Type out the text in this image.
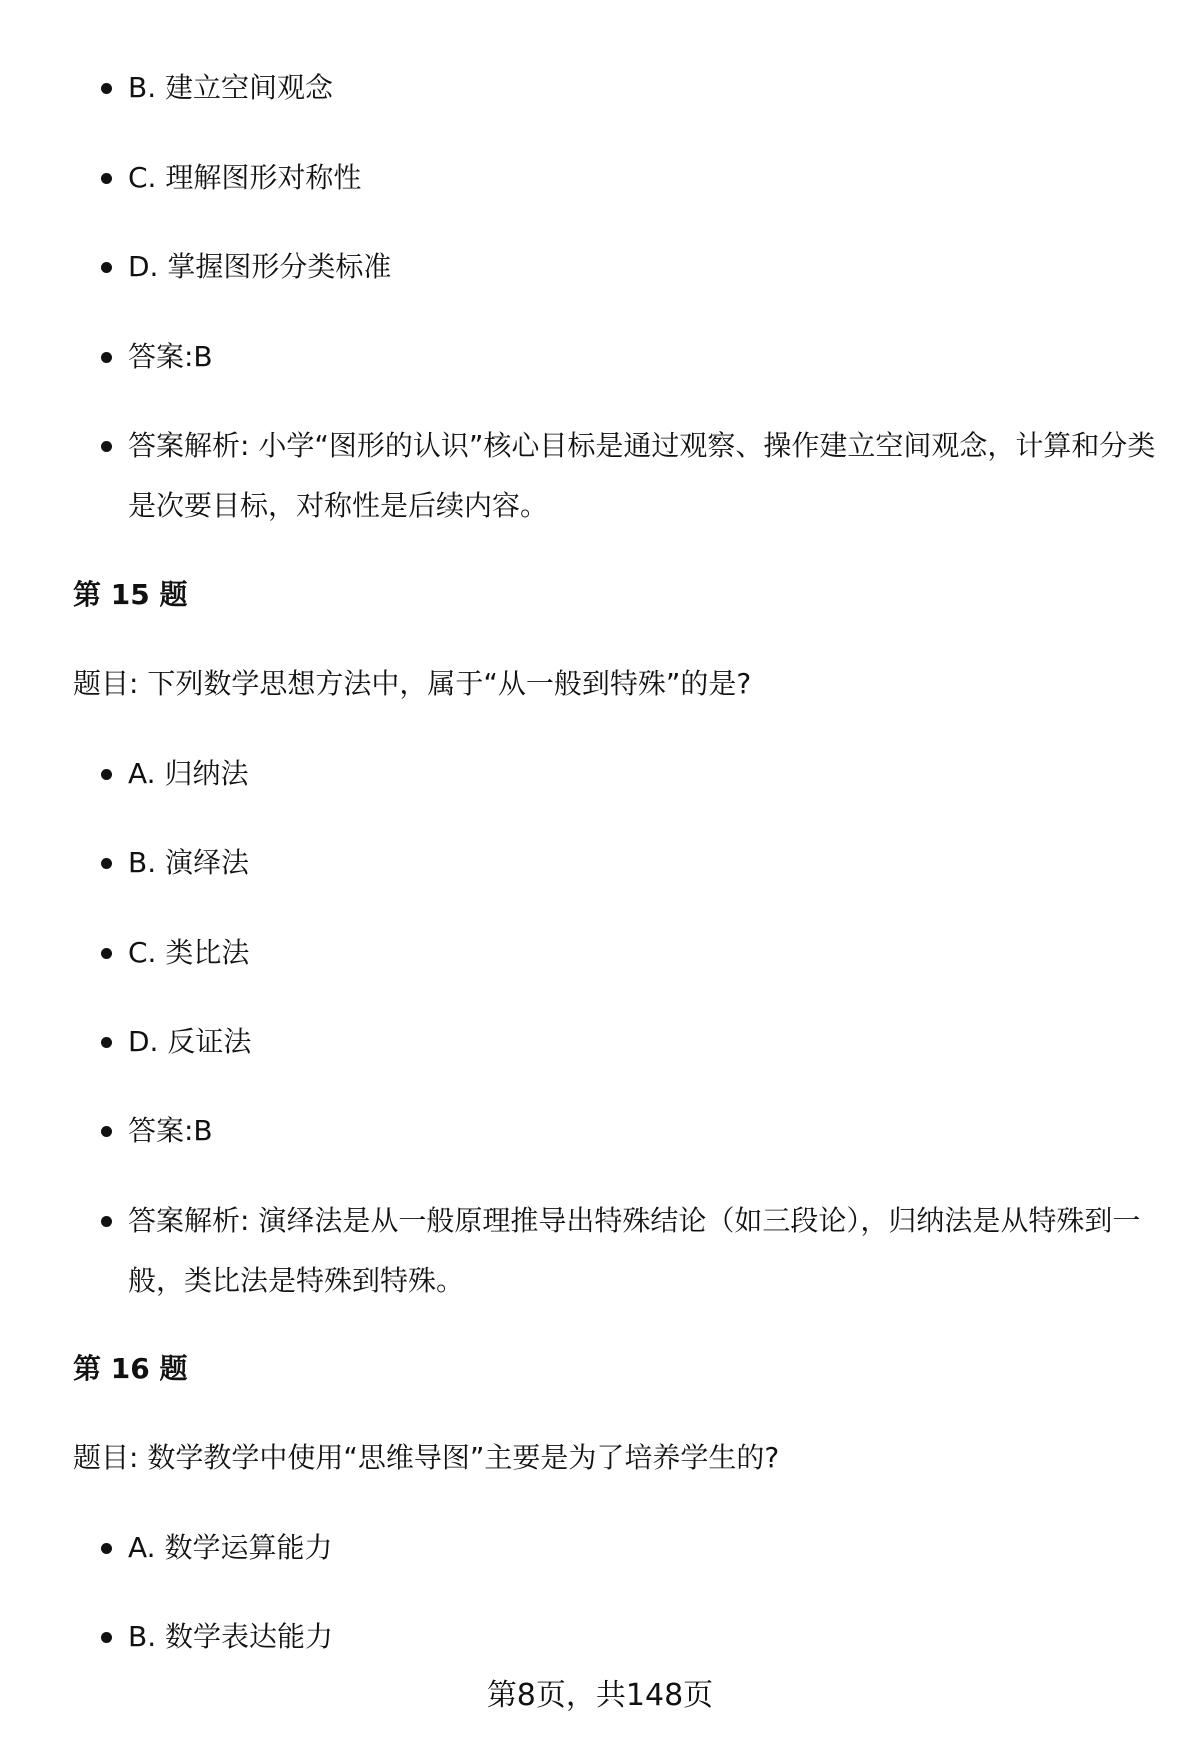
B. 建立空间观念
C. 理解图形对称性
D. 掌握图形分类标准
答案:B
答案解析: 小学“图形的认识”核心目标是通过观察、操作建立空间观念，计算和分类是次要目标，对称性是后续内容。
第 15 题
题目: 下列数学思想方法中，属于“从一般到特殊”的是?
A. 归纳法
B. 演绎法
C. 类比法
D. 反证法
答案:B
答案解析: 演绎法是从一般原理推导出特殊结论（如三段论），归纳法是从特殊到一般，类比法是特殊到特殊。
第 16 题
题目: 数学教学中使用“思维导图”主要是为了培养学生的?
A. 数学运算能力
B. 数学表达能力
第8页，共148页
